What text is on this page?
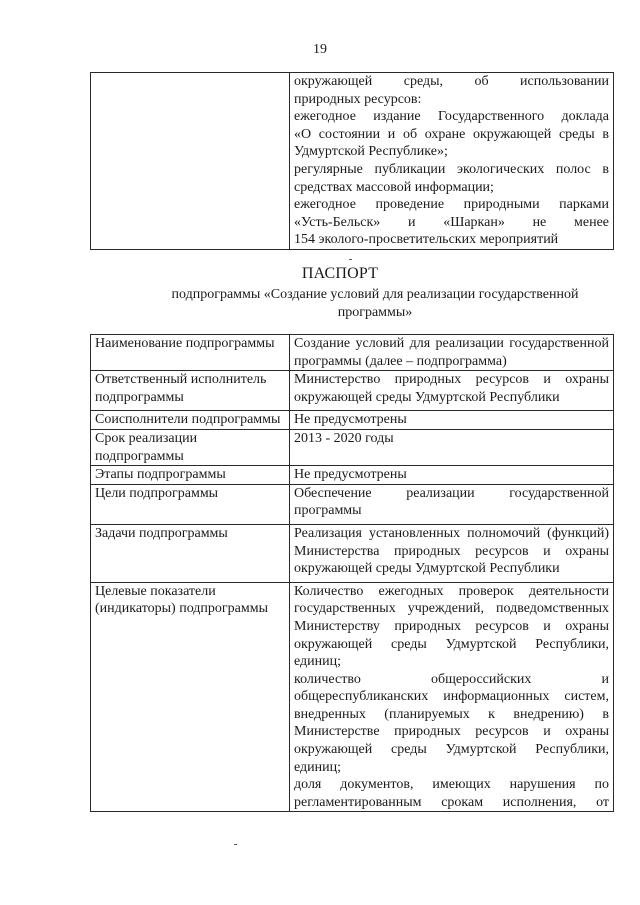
19

окружающей среды, об использовании
природных ресурсов:
ежегодное издание Государственного доклада
«О состоянии и об охране окружающей среды в
Удмуртской Республике»;
регулярные публикации экологических полос в
средствах массовой информации;
ежегодное проведение природными парками
«Усть-Бельск» и «Шаркан» не менее
154 эколого-просветительских мероприятий
ПАСПОРТ
подпрограммы «Создание условий для реализации государственной программы»
Наименование подпрограммы	Создание условий для реализации государственной программы (далее – подпрограмма)
Ответственный исполнитель подпрограммы	Министерство природных ресурсов и охраны окружающей среды Удмуртской Республики
Соисполнители подпрограммы	Не предусмотрены
Срок реализации подпрограммы	2013 - 2020 годы
Этапы подпрограммы	Не предусмотрены
Цели подпрограммы	Обеспечение реализации государственной программы
Задачи подпрограммы	Реализация установленных полномочий (функций) Министерства природных ресурсов и охраны окружающей среды Удмуртской Республики
Целевые показатели (индикаторы) подпрограммы	Количество ежегодных проверок деятельности государственных учреждений, подведомственных Министерству природных ресурсов и охраны окружающей среды Удмуртской Республики, единиц;
количество общероссийских и общереспубликанских информационных систем, внедренных (планируемых к внедрению) в Министерстве природных ресурсов и охраны окружающей среды Удмуртской Республики, единиц;
доля документов, имеющих нарушения по регламентированным срокам исполнения, от
